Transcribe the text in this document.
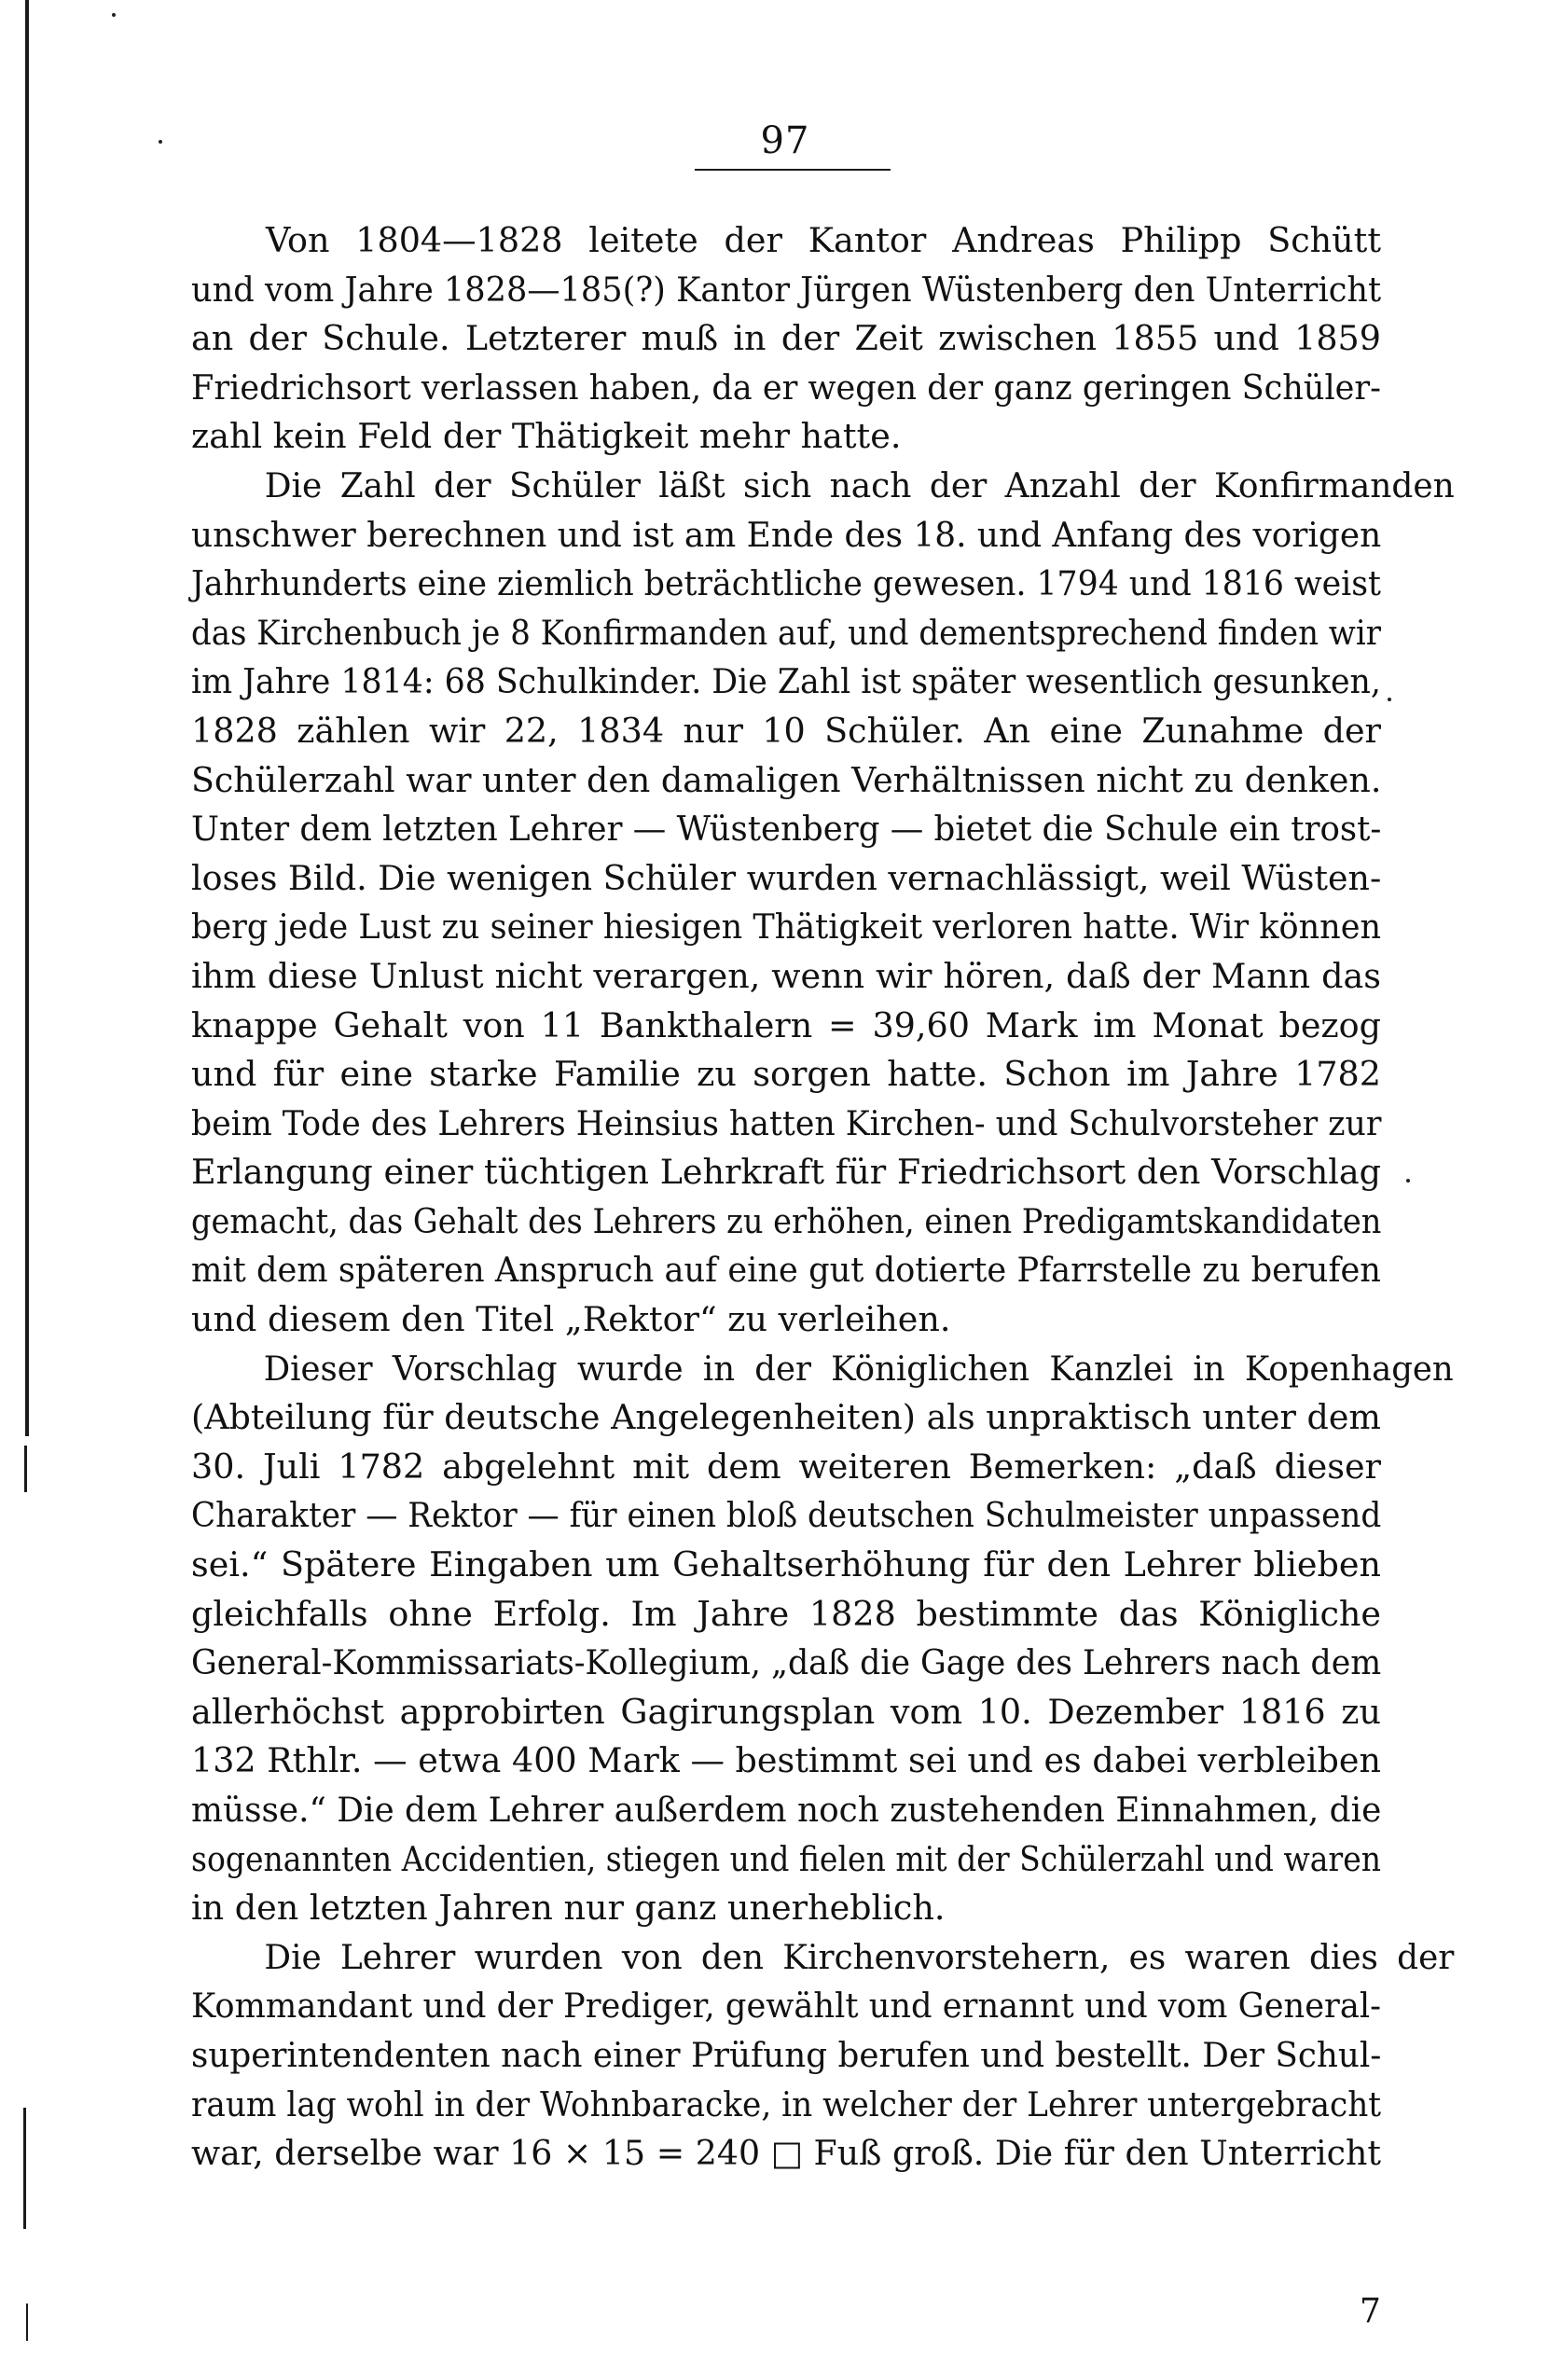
97
Von 1804—1828 leitete der Kantor Andreas Philipp Schütt
und vom Jahre 1828—185(?) Kantor Jürgen Wüstenberg den Unterricht
an der Schule. Letzterer muß in der Zeit zwischen 1855 und 1859
Friedrichsort verlassen haben, da er wegen der ganz geringen Schüler-
zahl kein Feld der Thätigkeit mehr hatte.
Die Zahl der Schüler läßt sich nach der Anzahl der Konfirmanden
unschwer berechnen und ist am Ende des 18. und Anfang des vorigen
Jahrhunderts eine ziemlich beträchtliche gewesen. 1794 und 1816 weist
das Kirchenbuch je 8 Konfirmanden auf, und dementsprechend finden wir
im Jahre 1814: 68 Schulkinder. Die Zahl ist später wesentlich gesunken,
1828 zählen wir 22, 1834 nur 10 Schüler. An eine Zunahme der
Schülerzahl war unter den damaligen Verhältnissen nicht zu denken.
Unter dem letzten Lehrer — Wüstenberg — bietet die Schule ein trost-
loses Bild. Die wenigen Schüler wurden vernachlässigt, weil Wüsten-
berg jede Lust zu seiner hiesigen Thätigkeit verloren hatte. Wir können
ihm diese Unlust nicht verargen, wenn wir hören, daß der Mann das
knappe Gehalt von 11 Bankthalern = 39,60 Mark im Monat bezog
und für eine starke Familie zu sorgen hatte. Schon im Jahre 1782
beim Tode des Lehrers Heinsius hatten Kirchen- und Schulvorsteher zur
Erlangung einer tüchtigen Lehrkraft für Friedrichsort den Vorschlag
gemacht, das Gehalt des Lehrers zu erhöhen, einen Predigamtskandidaten
mit dem späteren Anspruch auf eine gut dotierte Pfarrstelle zu berufen
und diesem den Titel „Rektor“ zu verleihen.
Dieser Vorschlag wurde in der Königlichen Kanzlei in Kopenhagen
(Abteilung für deutsche Angelegenheiten) als unpraktisch unter dem
30. Juli 1782 abgelehnt mit dem weiteren Bemerken: „daß dieser
Charakter — Rektor — für einen bloß deutschen Schulmeister unpassend
sei.“ Spätere Eingaben um Gehaltserhöhung für den Lehrer blieben
gleichfalls ohne Erfolg. Im Jahre 1828 bestimmte das Königliche
General-Kommissariats-Kollegium, „daß die Gage des Lehrers nach dem
allerhöchst approbirten Gagirungsplan vom 10. Dezember 1816 zu
132 Rthlr. — etwa 400 Mark — bestimmt sei und es dabei verbleiben
müsse.“ Die dem Lehrer außerdem noch zustehenden Einnahmen, die
sogenannten Accidentien, stiegen und fielen mit der Schülerzahl und waren
in den letzten Jahren nur ganz unerheblich.
Die Lehrer wurden von den Kirchenvorstehern, es waren dies der
Kommandant und der Prediger, gewählt und ernannt und vom General-
superintendenten nach einer Prüfung berufen und bestellt. Der Schul-
raum lag wohl in der Wohnbaracke, in welcher der Lehrer untergebracht
war, derselbe war 16 × 15 = 240 □ Fuß groß. Die für den Unterricht
7
